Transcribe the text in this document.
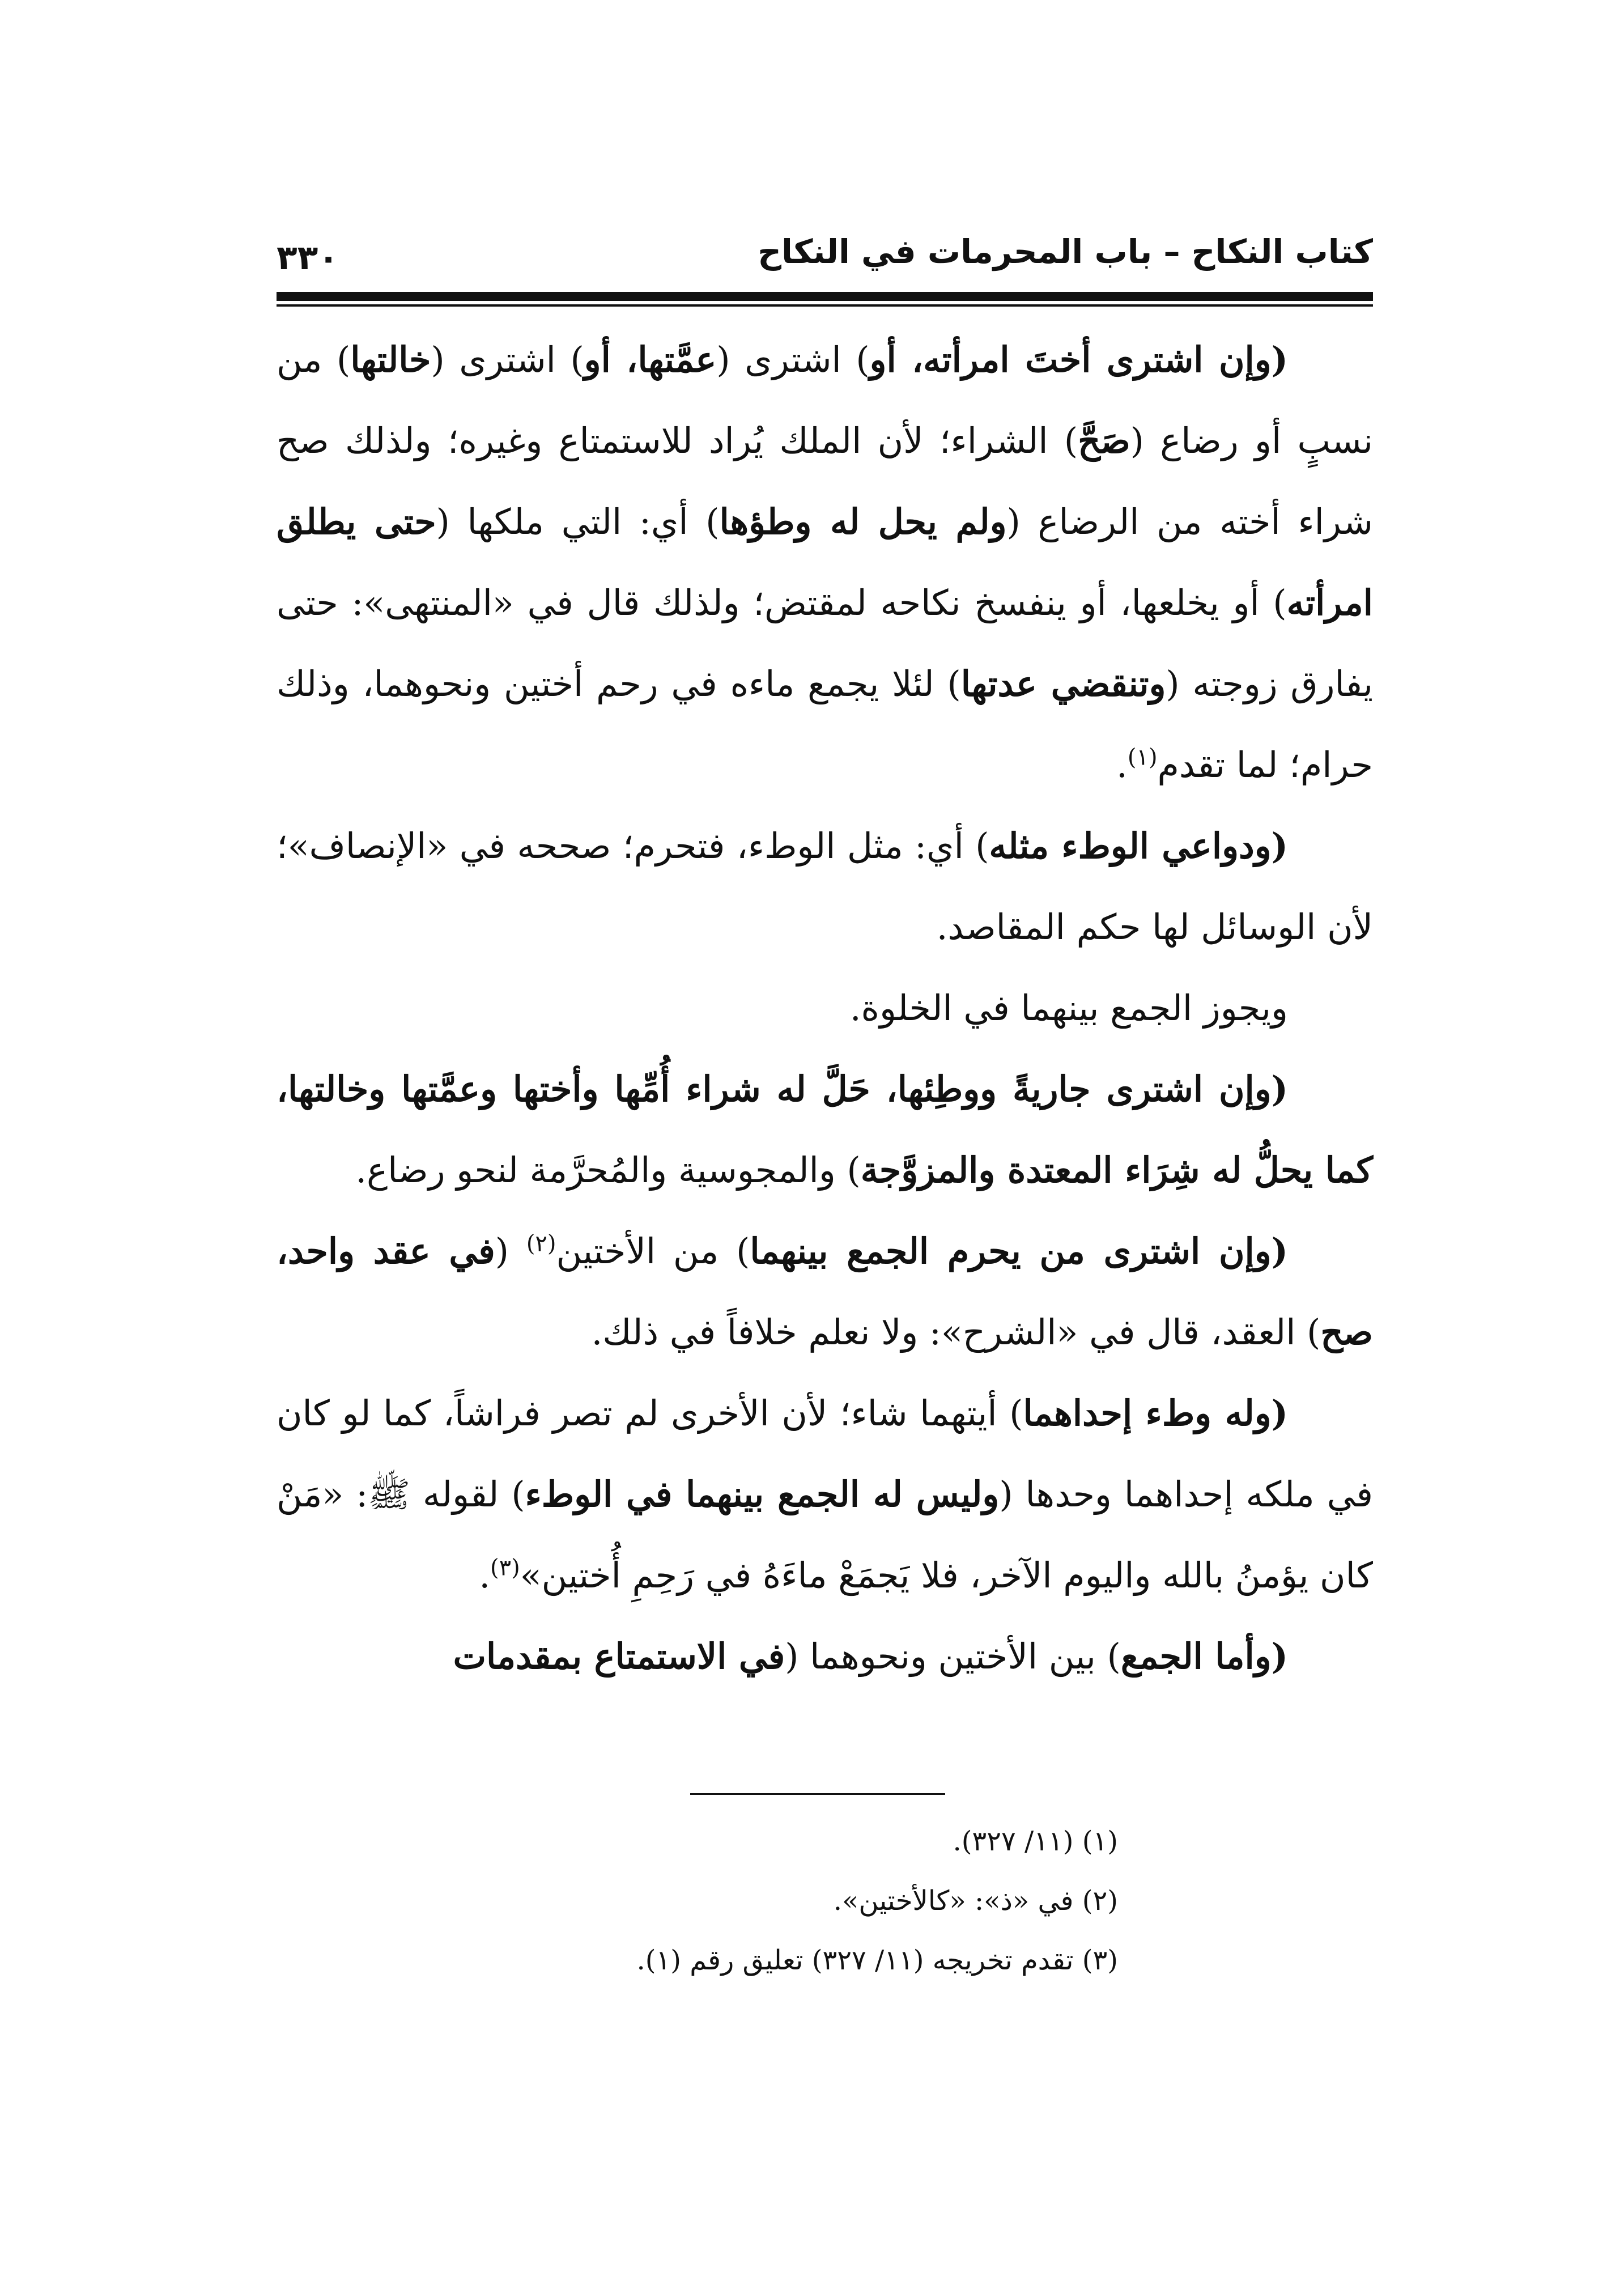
كتاب النكاح – باب المحرمات في النكاح
٣٣٠

(وإن اشترى أختَ امرأته، أو) اشترى (عمَّتها، أو) اشترى (خالتها) من نسبٍ أو رضاع (صَحَّ) الشراء؛ لأن الملك يُراد للاستمتاع وغيره؛ ولذلك صح شراء أخته من الرضاع (ولم يحل له وطؤها) أي: التي ملكها (حتى يطلق امرأته) أو يخلعها، أو ينفسخ نكاحه لمقتض؛ ولذلك قال في «المنتهى»: حتى يفارق زوجته (وتنقضي عدتها) لئلا يجمع ماءه في رحم أختين ونحوهما، وذلك حرام؛ لما تقدم$^{(١)}$.

(ودواعي الوطء مثله) أي: مثل الوطء، فتحرم؛ صححه في «الإنصاف»؛ لأن الوسائل لها حكم المقاصد.

ويجوز الجمع بينهما في الخلوة.

(وإن اشترى جاريةً ووطِئها، حَلَّ له شراء أُمِّها وأختها وعمَّتها وخالتها، كما يحلُّ له شِرَاء المعتدة والمزوَّجة) والمجوسية والمُحرَّمة لنحو رضاع.

(وإن اشترى من يحرم الجمع بينهما) من الأختين$^{(٢)}$ (في عقد واحد، صح) العقد، قال في «الشرح»: ولا نعلم خلافاً في ذلك.

(وله وطء إحداهما) أيتهما شاء؛ لأن الأخرى لم تصر فراشاً، كما لو كان في ملكه إحداهما وحدها (وليس له الجمع بينهما في الوطء) لقوله ﷺ: «مَنْ كان يؤمنُ بالله واليوم الآخر، فلا يَجمَعْ ماءَهُ في رَحِمِ أُختين»$^{(٣)}$.

(وأما الجمع) بين الأختين ونحوهما (في الاستمتاع بمقدمات

(١) (١١/ ٣٢٧).
(٢) في «ذ»: «كالأختين».
(٣) تقدم تخريجه (١١/ ٣٢٧) تعليق رقم (١).
